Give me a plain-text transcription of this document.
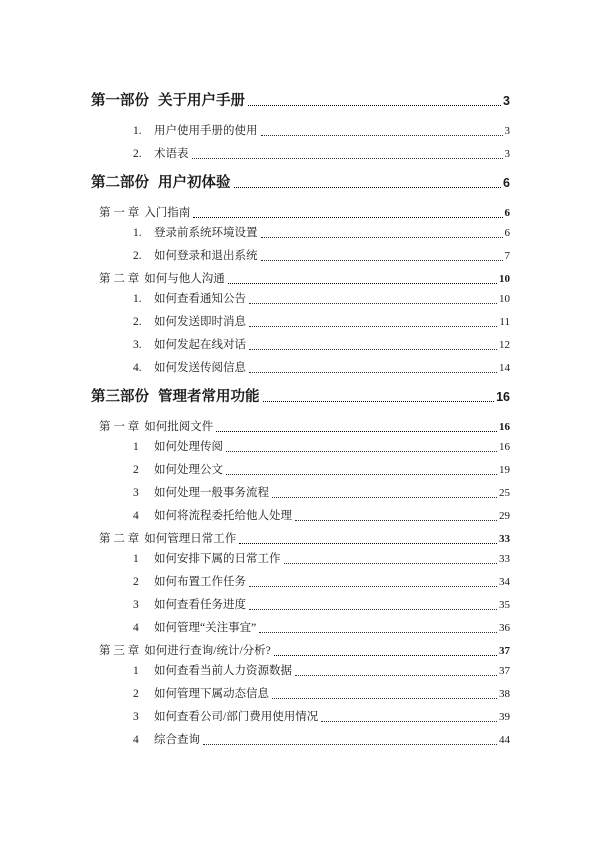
第一部份 关于用户手册	3
1.	用户使用手册的使用	3
2.	术语表	3
第二部份 用户初体验	6
第 一 章 入门指南	6
1.	登录前系统环境设置	6
2.	如何登录和退出系统	7
第 二 章 如何与他人沟通	10
1.	如何查看通知公告	10
2.	如何发送即时消息	11
3.	如何发起在线对话	12
4.	如何发送传阅信息	14
第三部份 管理者常用功能	16
第 一 章 如何批阅文件	16
1	如何处理传阅	16
2	如何处理公文	19
3	如何处理一般事务流程	25
4	如何将流程委托给他人处理	29
第 二 章 如何管理日常工作	33
1	如何安排下属的日常工作	33
2	如何布置工作任务	34
3	如何查看任务进度	35
4	如何管理“关注事宜”	36
第 三 章 如何进行查询/统计/分析?	37
1	如何查看当前人力资源数据	37
2	如何管理下属动态信息	38
3	如何查看公司/部门费用使用情况	39
4	综合查询	44
